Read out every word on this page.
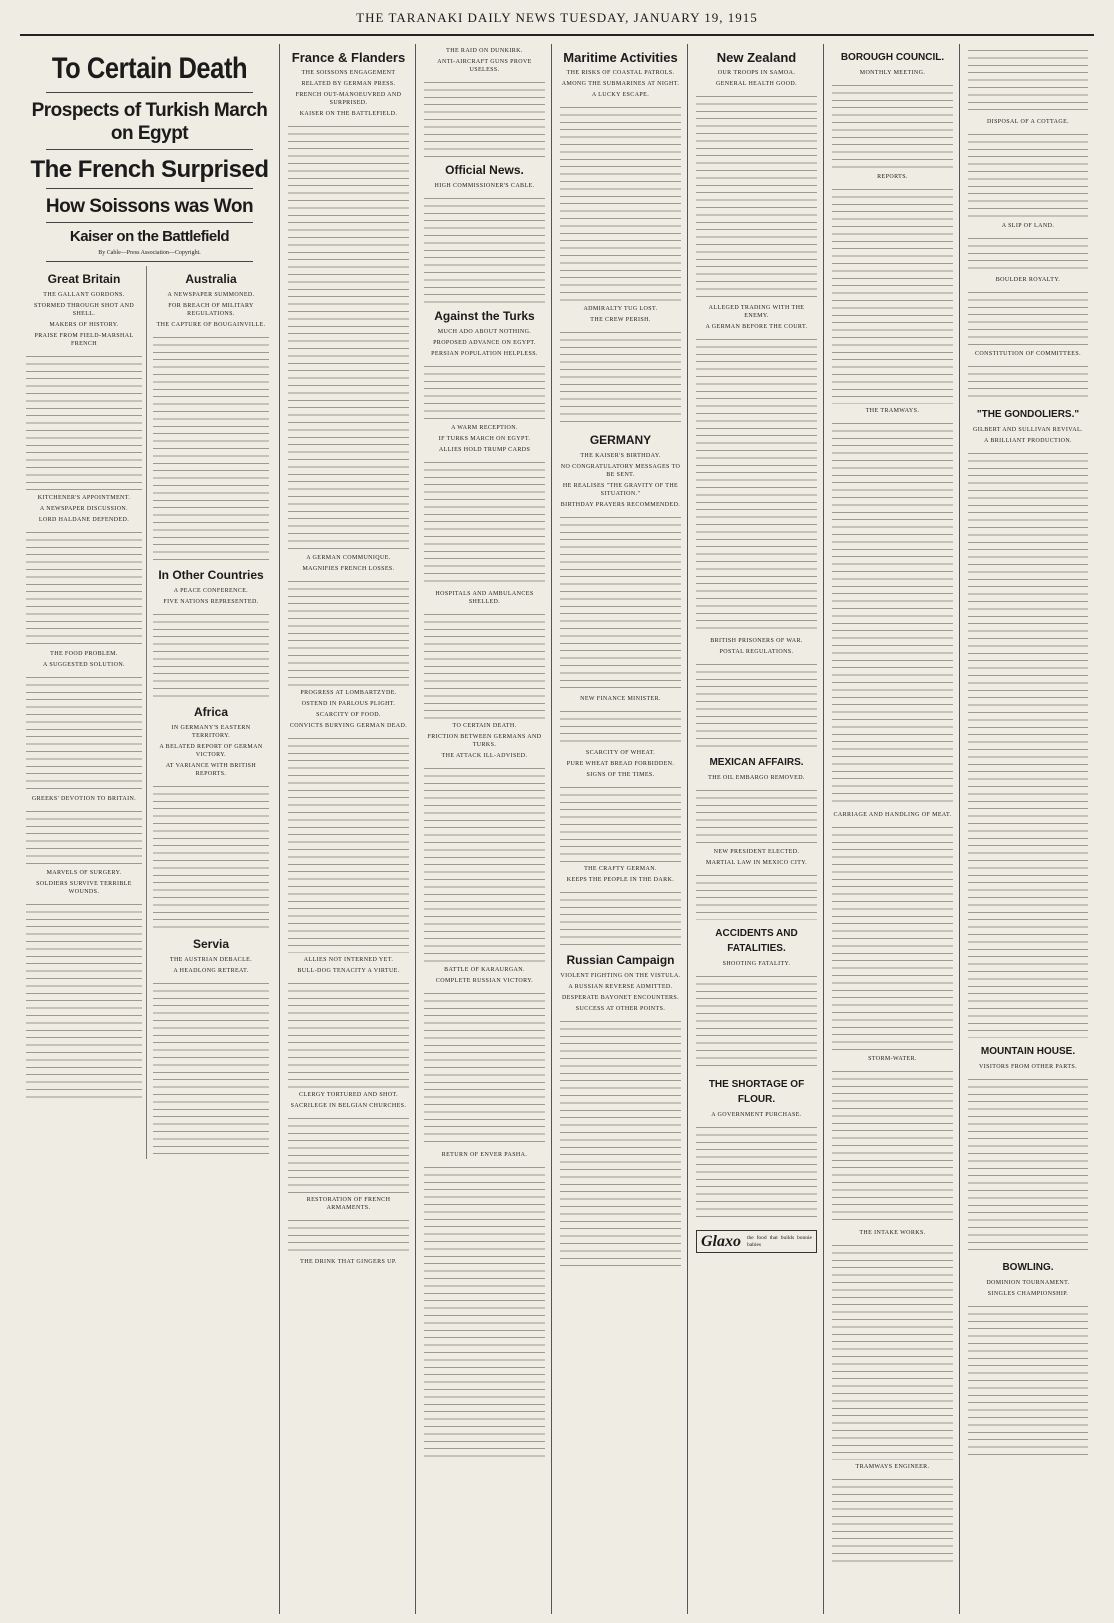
THE TARANAKI DAILY NEWS TUESDAY, JANUARY 19, 1915
To Certain Death
Prospects of Turkish March on Egypt
The French Surprised
How Soissons was Won
Kaiser on the Battlefield
By Cable—Press Association—Copyright.
Great Britain
THE GALLANT GORDONS.
STORMED THROUGH SHOT AND SHELL.
MAKERS OF HISTORY.
PRAISE FROM FIELD-MARSHAL FRENCH
KITCHENER'S APPOINTMENT.
A NEWSPAPER DISCUSSION.
LORD HALDANE DEFENDED.
THE FOOD PROBLEM.
A SUGGESTED SOLUTION.
GREEKS' DEVOTION TO BRITAIN.
MARVELS OF SURGERY.
SOLDIERS SURVIVE TERRIBLE WOUNDS.
Australia
A NEWSPAPER SUMMONED.
FOR BREACH OF MILITARY REGULATIONS.
THE CAPTURE OF BOUGAINVILLE.
In Other Countries
A PEACE CONFERENCE.
FIVE NATIONS REPRESENTED.
Africa
IN GERMANY'S EASTERN TERRITORY.
A BELATED REPORT OF GERMAN VICTORY.
AT VARIANCE WITH BRITISH REPORTS.
Servia
THE AUSTRIAN DEBACLE.
A HEADLONG RETREAT.
France & Flanders
THE SOISSONS ENGAGEMENT
RELATED BY GERMAN PRESS.
FRENCH OUT-MANOEUVRED AND SURPRISED.
KAISER ON THE BATTLEFIELD.
A GERMAN COMMUNIQUE.
MAGNIFIES FRENCH LOSSES.
PROGRESS AT LOMBARTZYDE.
OSTEND IN PARLOUS PLIGHT.
SCARCITY OF FOOD.
CONVICTS BURYING GERMAN DEAD.
ALLIES NOT INTERNED YET.
BULL-DOG TENACITY A VIRTUE.
CLERGY TORTURED AND SHOT.
SACRILEGE IN BELGIAN CHURCHES.
RESTORATION OF FRENCH ARMAMENTS.
THE DRINK THAT GINGERS UP.
THE RAID ON DUNKIRK.
ANTI-AIRCRAFT GUNS PROVE USELESS.
Official News.
HIGH COMMISSIONER'S CABLE.
Against the Turks
MUCH ADO ABOUT NOTHING.
PROPOSED ADVANCE ON EGYPT.
PERSIAN POPULATION HELPLESS.
A WARM RECEPTION.
IF TURKS MARCH ON EGYPT.
ALLIES HOLD TRUMP CARDS
HOSPITALS AND AMBULANCES SHELLED.
TO CERTAIN DEATH.
FRICTION BETWEEN GERMANS AND TURKS.
THE ATTACK ILL-ADVISED.
BATTLE OF KARAURGAN.
COMPLETE RUSSIAN VICTORY.
RETURN OF ENVER PASHA.
Maritime Activities
THE RISKS OF COASTAL PATROLS.
AMONG THE SUBMARINES AT NIGHT.
A LUCKY ESCAPE.
ADMIRALTY TUG LOST.
THE CREW PERISH.
GERMANY
THE KAISER'S BIRTHDAY.
NO CONGRATULATORY MESSAGES TO BE SENT.
HE REALISES "THE GRAVITY OF THE SITUATION."
BIRTHDAY PRAYERS RECOMMENDED.
NEW FINANCE MINISTER.
SCARCITY OF WHEAT.
PURE WHEAT BREAD FORBIDDEN.
SIGNS OF THE TIMES.
THE CRAFTY GERMAN.
KEEPS THE PEOPLE IN THE DARK.
Russian Campaign
VIOLENT FIGHTING ON THE VISTULA.
A RUSSIAN REVERSE ADMITTED.
DESPERATE BAYONET ENCOUNTERS.
SUCCESS AT OTHER POINTS.
New Zealand
OUR TROOPS IN SAMOA.
GENERAL HEALTH GOOD.
ALLEGED TRADING WITH THE ENEMY.
A GERMAN BEFORE THE COURT.
BRITISH PRISONERS OF WAR.
POSTAL REGULATIONS.
MEXICAN AFFAIRS.
THE OIL EMBARGO REMOVED.
NEW PRESIDENT ELECTED.
MARTIAL LAW IN MEXICO CITY.
ACCIDENTS AND FATALITIES.
SHOOTING FATALITY.
THE SHORTAGE OF FLOUR.
A GOVERNMENT PURCHASE.
Glaxo the food that builds bonnie babies
BOROUGH COUNCIL.
MONTHLY MEETING.
REPORTS.
THE TRAMWAYS.
CARRIAGE AND HANDLING OF MEAT.
STORM-WATER.
THE INTAKE WORKS.
TRAMWAYS ENGINEER.
DISPOSAL OF A COTTAGE.
A SLIP OF LAND.
BOULDER ROYALTY.
CONSTITUTION OF COMMITTEES.
"THE GONDOLIERS."
GILBERT AND SULLIVAN REVIVAL.
A BRILLIANT PRODUCTION.
MOUNTAIN HOUSE.
VISITORS FROM OTHER PARTS.
BOWLING.
DOMINION TOURNAMENT.
SINGLES CHAMPIONSHIP.
